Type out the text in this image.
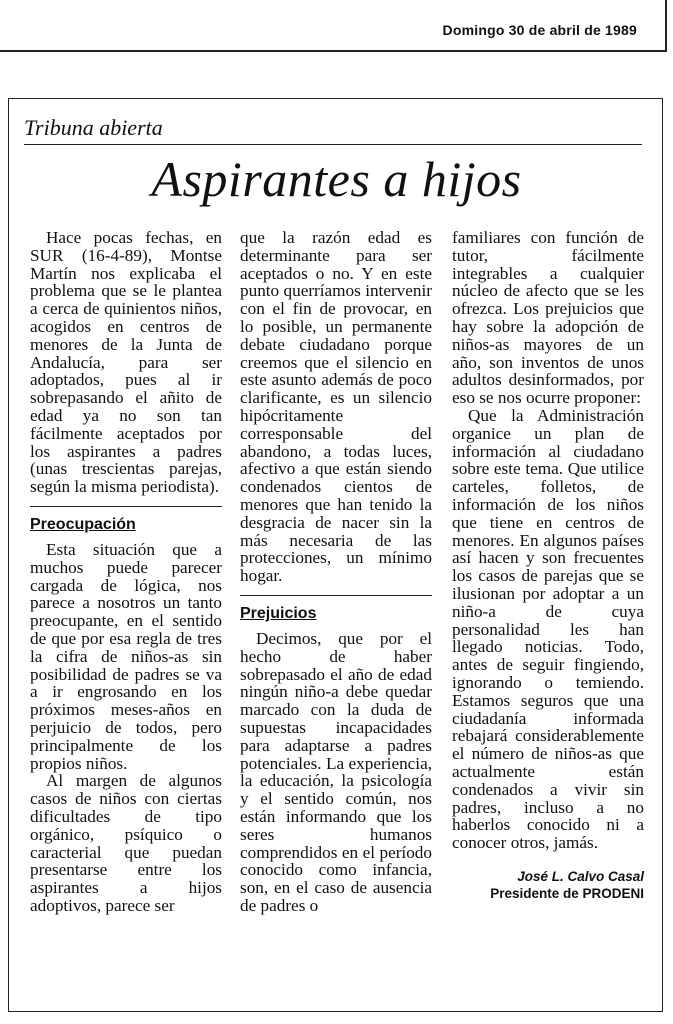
Domingo 30 de abril de 1989
Tribuna abierta
Aspirantes a hijos

Hace pocas fechas, en SUR (16-4-89), Montse Martín nos explicaba el problema que se le plantea a cerca de quinientos niños, acogidos en centros de menores de la Junta de Andalucía, para ser adoptados, pues al ir sobrepasando el añito de edad ya no son tan fácilmente aceptados por los aspirantes a padres (unas trescientas parejas, según la misma periodista).

Preocupación

Esta situación que a muchos puede parecer cargada de lógica, nos parece a nosotros un tanto preocupante, en el sentido de que por esa regla de tres la cifra de niños-as sin posibilidad de padres se va a ir engrosando en los próximos meses-años en perjuicio de todos, pero principalmente de los propios niños.

Al margen de algunos casos de niños con ciertas dificultades de tipo orgánico, psíquico o caracterial que puedan presentarse entre los aspirantes a hijos adoptivos, parece ser

que la razón edad es determinante para ser aceptados o no. Y en este punto querríamos intervenir con el fin de provocar, en lo posible, un permanente debate ciudadano porque creemos que el silencio en este asunto además de poco clarificante, es un silencio hipócritamente corresponsable del abandono, a todas luces, afectivo a que están siendo condenados cientos de menores que han tenido la desgracia de nacer sin la más necesaria de las protecciones, un mínimo hogar.

Prejuicios

Decimos, que por el hecho de haber sobrepasado el año de edad ningún niño-a debe quedar marcado con la duda de supuestas incapacidades para adaptarse a padres potenciales. La experiencia, la educación, la psicología y el sentido común, nos están informando que los seres humanos comprendidos en el período conocido como infancia, son, en el caso de ausencia de padres o

familiares con función de tutor, fácilmente integrables a cualquier núcleo de afecto que se les ofrezca. Los prejuicios que hay sobre la adopción de niños-as mayores de un año, son inventos de unos adultos desinformados, por eso se nos ocurre proponer:

Que la Administración organice un plan de información al ciudadano sobre este tema. Que utilice carteles, folletos, de información de los niños que tiene en centros de menores. En algunos países así hacen y son frecuentes los casos de parejas que se ilusionan por adoptar a un niño-a de cuya personalidad les han llegado noticias. Todo, antes de seguir fingiendo, ignorando o temiendo. Estamos seguros que una ciudadanía informada rebajará considerablemente el número de niños-as que actualmente están condenados a vivir sin padres, incluso a no haberlos conocido ni a conocer otros, jamás.

José L. Calvo Casal
Presidente de PRODENI
